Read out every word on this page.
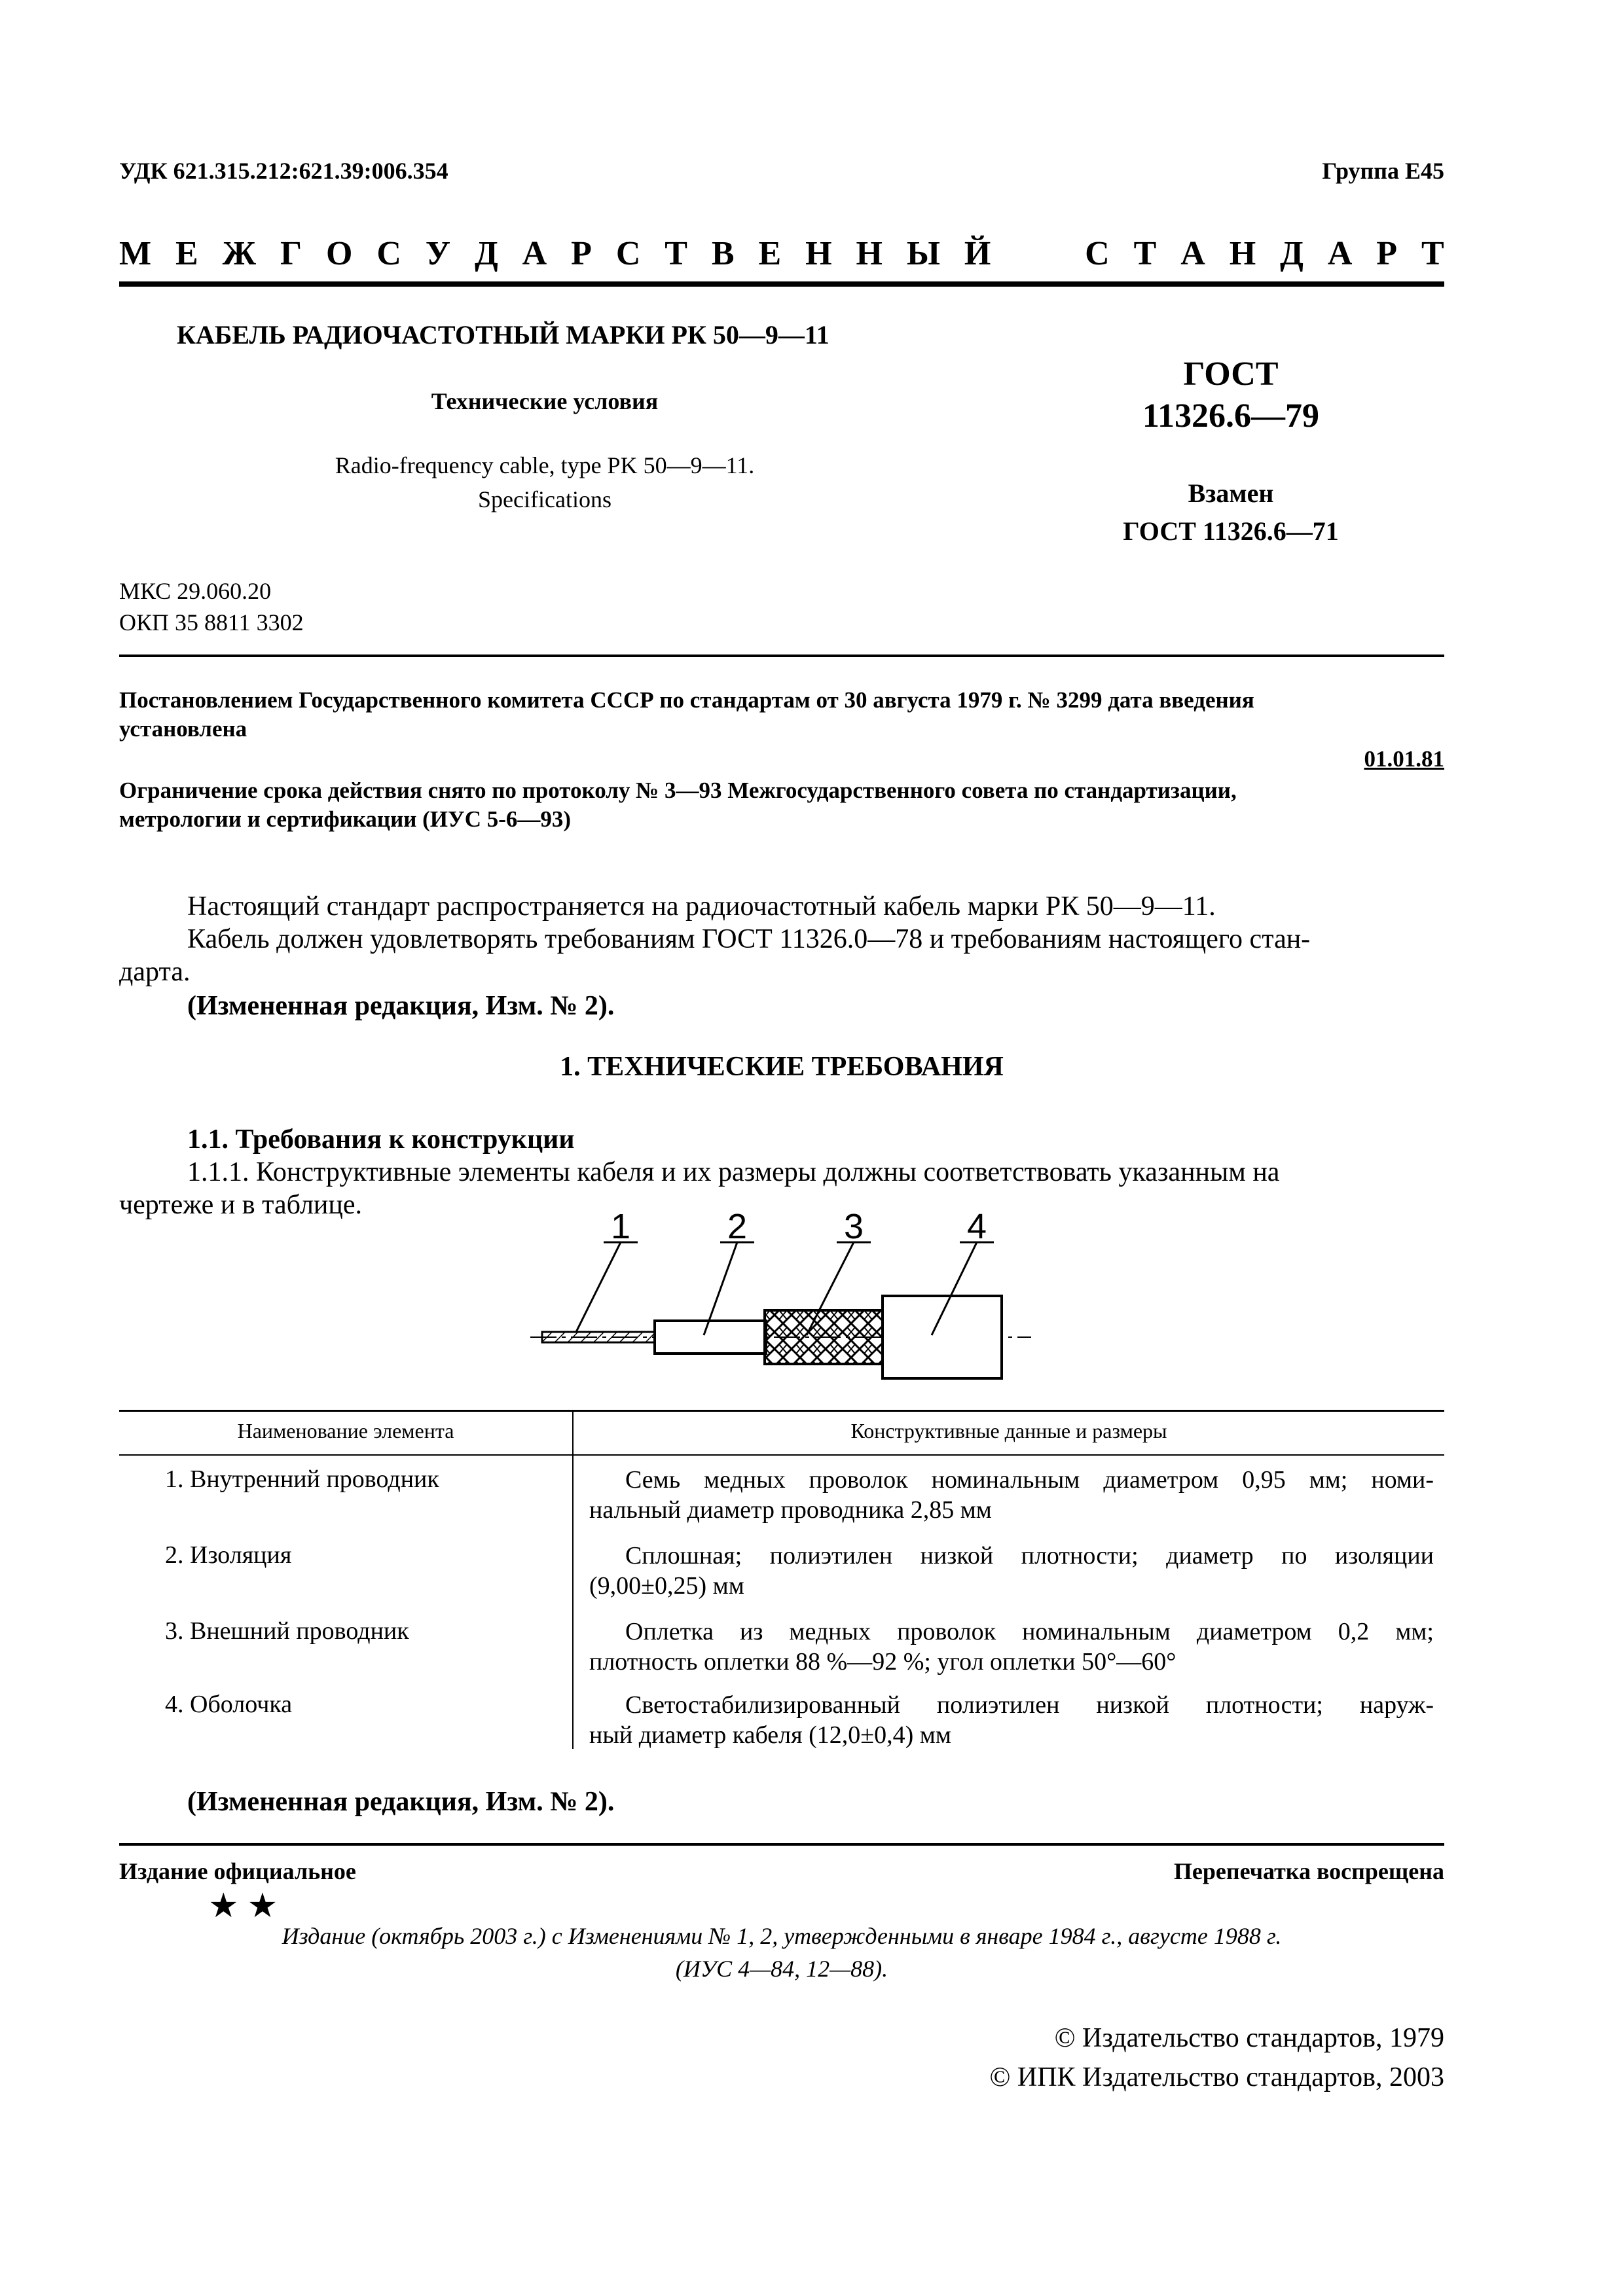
УДК 621.315.212:621.39:006.354	Группа Е45
М Е Ж Г О С У Д А Р С Т В Е Н Н Ы Й	С Т А Н Д А Р Т
КАБЕЛЬ РАДИОЧАСТОТНЫЙ МАРКИ РК 50—9—11
Технические условия
Radio-frequency cable, type PK 50—9—11.
Specifications
ГОСТ
11326.6—79
Взамен
ГОСТ 11326.6—71
МКС 29.060.20
ОКП 35 8811 3302
Постановлением Государственного комитета СССР по стандартам от 30 августа 1979 г. № 3299 дата введения
установлена
01.01.81
Ограничение срока действия снято по протоколу № 3—93 Межгосударственного совета по стандартизации,
метрологии и сертификации (ИУС 5-6—93)
Настоящий стандарт распространяется на радиочастотный кабель марки РК 50—9—11.
Кабель должен удовлетворять требованиям ГОСТ 11326.0—78 и требованиям настоящего стан-
дарта.
(Измененная редакция, Изм. № 2).
1. ТЕХНИЧЕСКИЕ ТРЕБОВАНИЯ
1.1. Требования к конструкции
1.1.1. Конструктивные элементы кабеля и их размеры должны соответствовать указанным на
чертеже и в таблице.
1	2	3	4
Наименование элемента	Конструктивные данные и размеры
1. Внутренний проводник	Семь медных проволок номинальным диаметром 0,95 мм; номи-
нальный диаметр проводника 2,85 мм
2. Изоляция	Сплошная; полиэтилен низкой плотности; диаметр по изоляции
(9,00±0,25) мм
3. Внешний проводник	Оплетка из медных проволок номинальным диаметром 0,2 мм;
плотность оплетки 88 %—92 %; угол оплетки 50°—60°
4. Оболочка	Светостабилизированный полиэтилен низкой плотности; наруж-
ный диаметр кабеля (12,0±0,4) мм
(Измененная редакция, Изм. № 2).
Издание официальное	Перепечатка воспрещена
★ ★
Издание (октябрь 2003 г.) с Изменениями № 1, 2, утвержденными в январе 1984 г., августе 1988 г.
(ИУС 4—84, 12—88).
© Издательство стандартов, 1979
© ИПК Издательство стандартов, 2003
